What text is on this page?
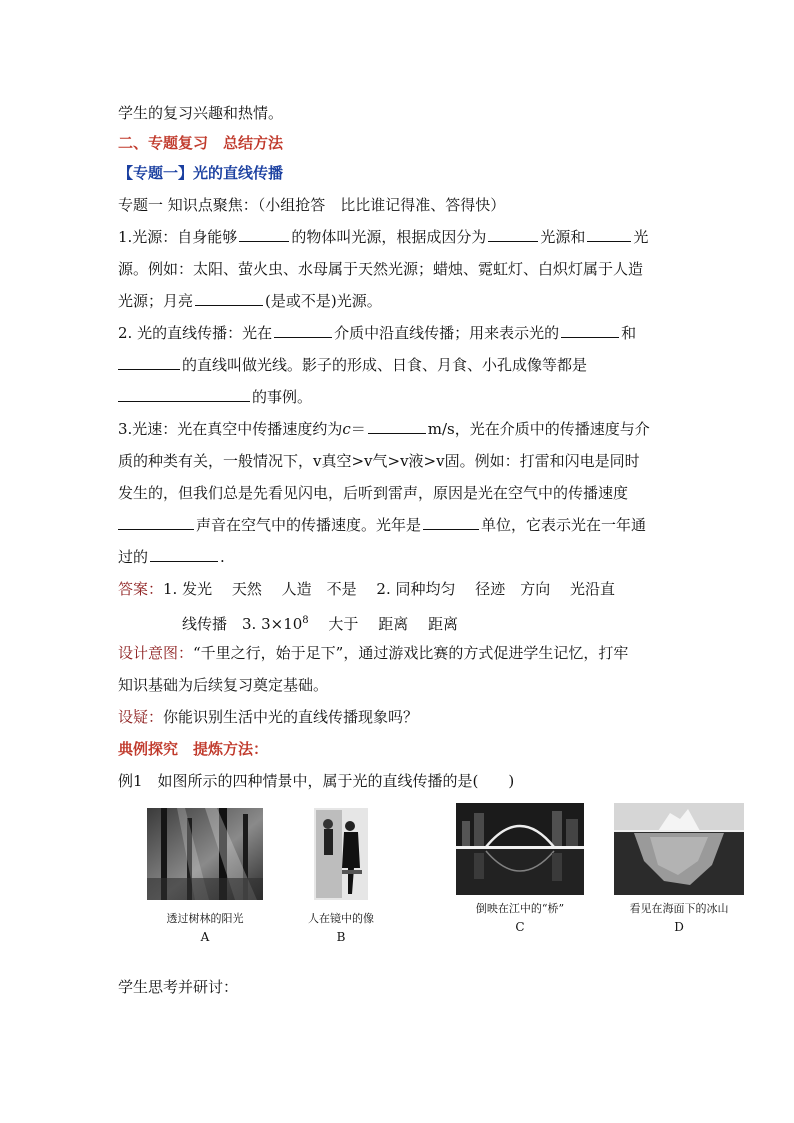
学生的复习兴趣和热情。
二、专题复习　总结方法
【专题一】光的直线传播
专题一 知识点聚焦：（小组抢答　比比谁记得准、答得快）
1.光源：自身能够	的物体叫光源，根据成因分为	光源和	光
源。例如：太阳、萤火虫、水母属于天然光源；蜡烛、霓虹灯、白炽灯属于人造
光源；月亮	(是或不是)光源。
2. 光的直线传播：光在	介质中沿直线传播；用来表示光的	和
的直线叫做光线。影子的形成、日食、月食、小孔成像等都是
的事例。
3.光速：光在真空中传播速度约为c＝	m/s，光在介质中的传播速度与介
质的种类有关，一般情况下，v真空>v气>v液>v固。例如：打雷和闪电是同时
发生的，但我们总是先看见闪电，后听到雷声，原因是光在空气中的传播速度
声音在空气中的传播速度。光年是	单位，它表示光在一年通
过的	.
答案：1. 发光　 天然　 人造　不是　 2. 同种均匀　 径迹　方向　 光沿直
线传播　3. $3\times 10^8$　 大于　 距离　 距离
设计意图：“千里之行，始于足下”，通过游戏比赛的方式促进学生记忆，打牢
知识基础为后续复习奠定基础。
设疑：你能识别生活中光的直线传播现象吗？
典例探究　提炼方法：
例1　如图所示的四种情景中，属于光的直线传播的是(　　)
透过树林的阳光
A
人在镜中的像
B
倒映在江中的“桥”
C
看见在海面下的冰山
D
学生思考并研讨：
